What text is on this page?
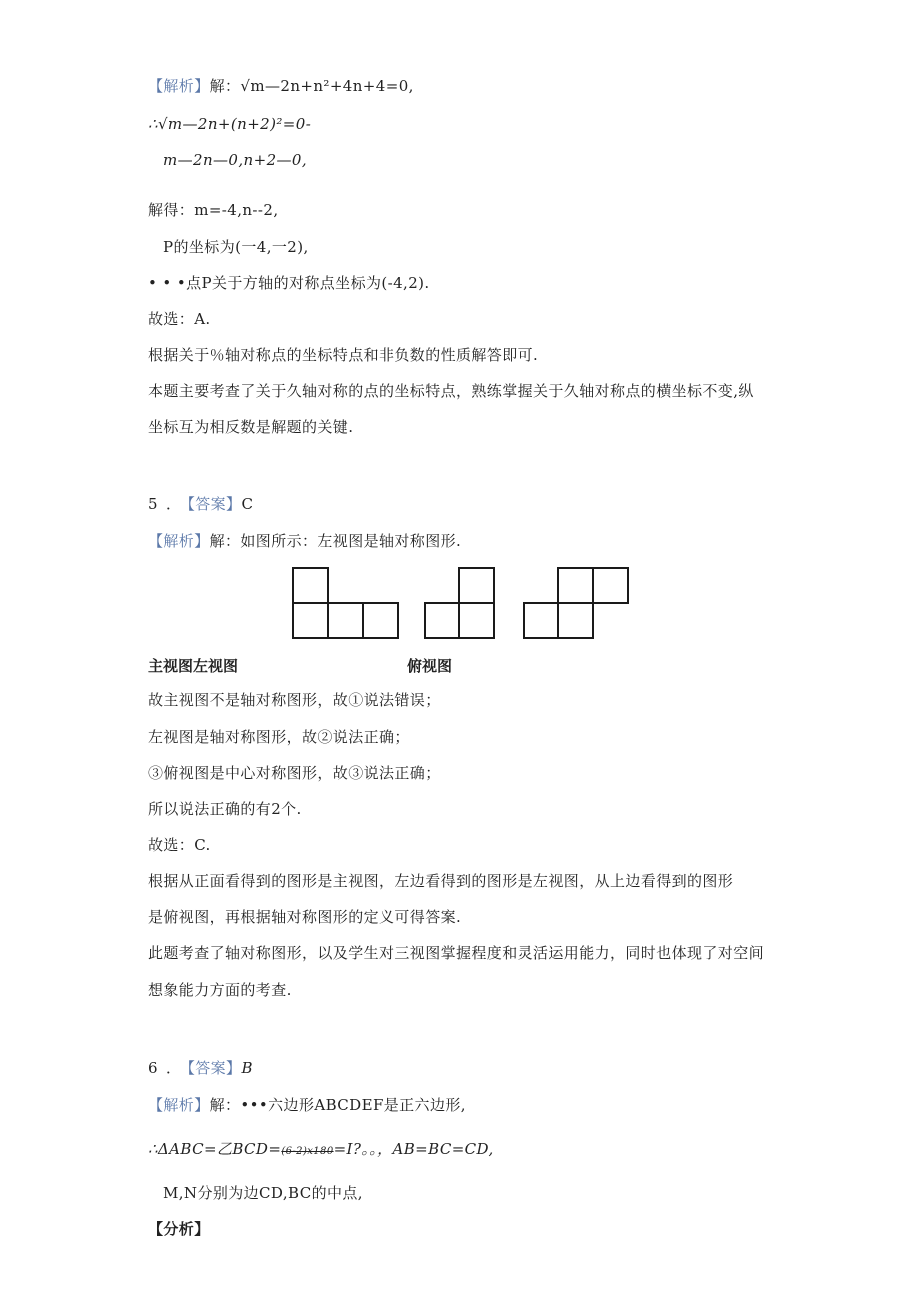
【解析】解：√m—2n+n²+4n+4=0,

∴√m—2n+(n+2)²=0-

m—2n—0,n+2—0,

解得：m=-4,n--2,

P的坐标为(一4,一2),

• • •点P关于方轴的对称点坐标为(-4,2).

故选：A.

根据关于％轴对称点的坐标特点和非负数的性质解答即可.

本题主要考查了关于久轴对称的点的坐标特点，熟练掌握关于久轴对称点的横坐标不变,纵

坐标互为相反数是解题的关键.

5 ． 【答案】C

【解析】解：如图所示：左视图是轴对称图形.

主视图左视图	俯视图

故主视图不是轴对称图形，故①说法错误；

左视图是轴对称图形，故②说法正确；

③俯视图是中心对称图形，故③说法正确；

所以说法正确的有2个.

故选：C.

根据从正面看得到的图形是主视图，左边看得到的图形是左视图，从上边看得到的图形

是俯视图，再根据轴对称图形的定义可得答案.

此题考查了轴对称图形，以及学生对三视图掌握程度和灵活运用能力，同时也体现了对空间

想象能力方面的考查.

6 ． 【答案】B

【解析】解：•••六边形ABCDEF是正六边形,

∴ΔABC=乙BCD=(6-2)x180=I?。。，AB=BC=CD,

M,N分别为边CD,BC的中点,

【分析】
